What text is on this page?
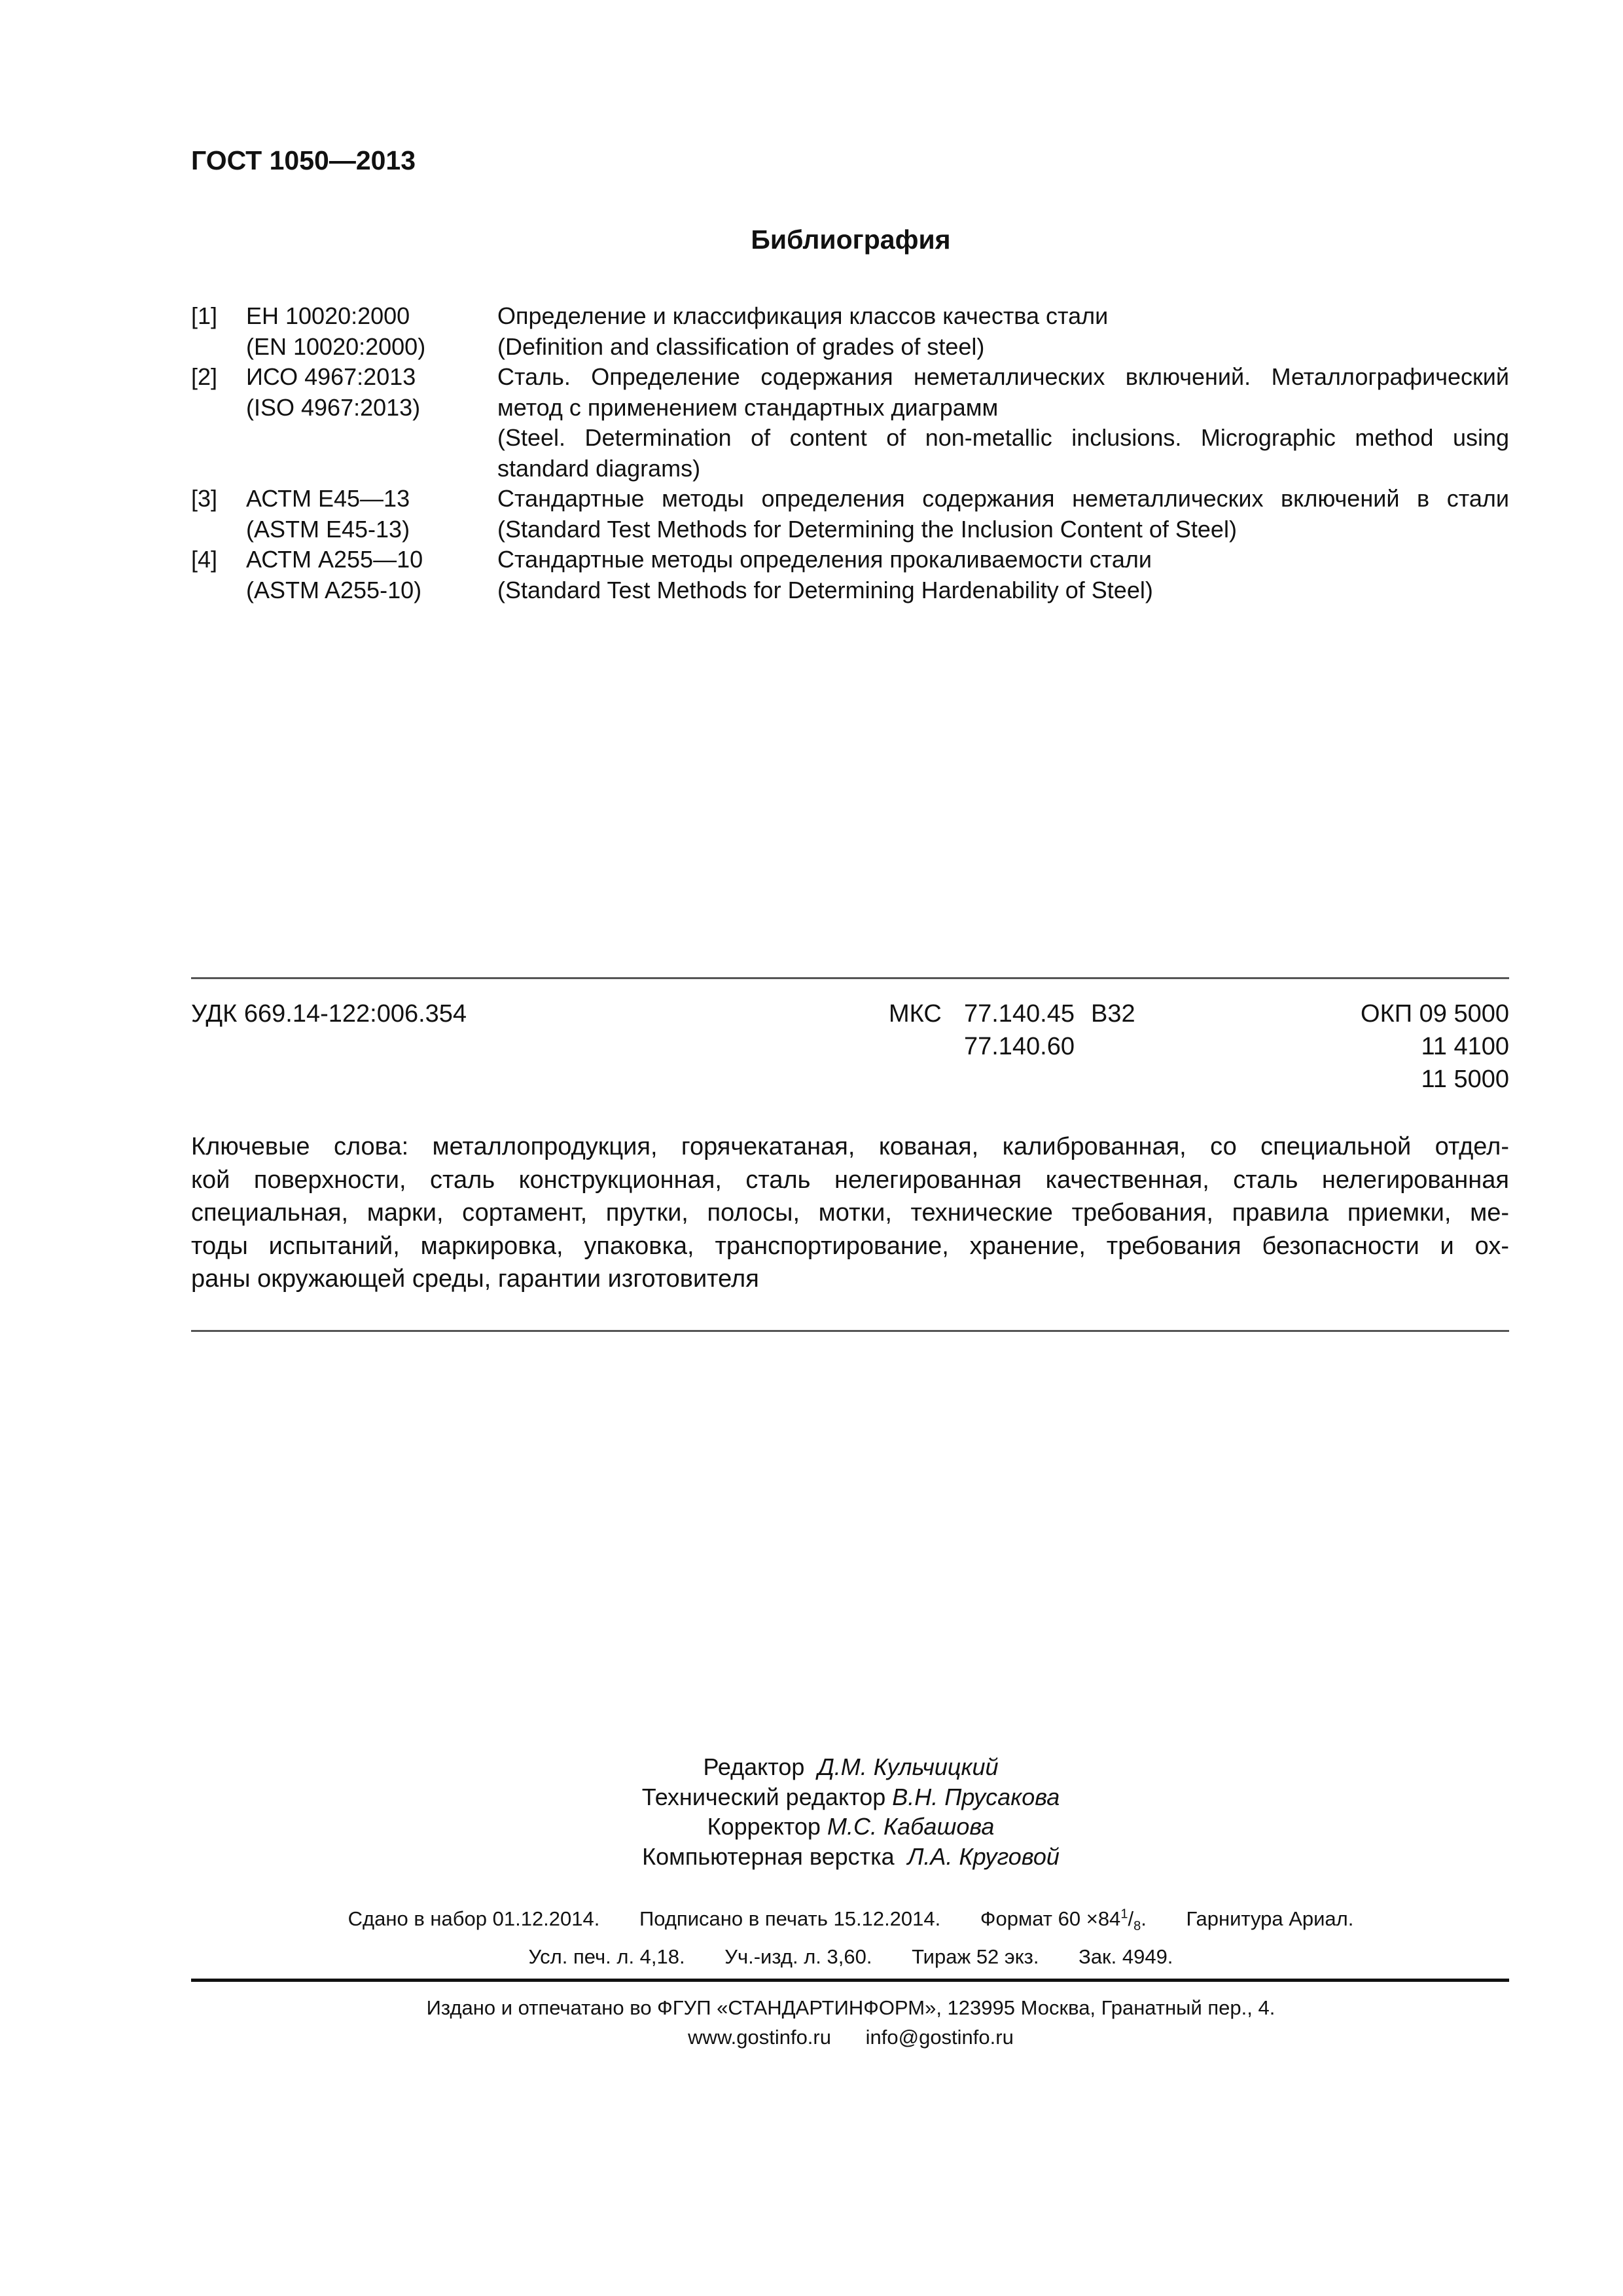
ГОСТ 1050—2013
Библиография
[1] ЕН 10020:2000
(EN 10020:2000)
Определение и классификация классов качества стали
(Definition and classification of grades of steel)
[2] ИСО 4967:2013
(ISO 4967:2013)
Сталь. Определение содержания неметаллических включений. Металлографический
метод с применением стандартных диаграмм
(Steel. Determination of content of non-metallic inclusions. Micrographic method using
standard diagrams)
[3] АСТМ Е45—13
(ASTM E45-13)
Стандартные методы определения содержания неметаллических включений в стали
(Standard Test Methods for Determining the Inclusion Content of Steel)
[4] АСТМ А255—10
(ASTM A255-10)
Стандартные методы определения прокаливаемости стали
(Standard Test Methods for Determining Hardenability of Steel)
УДК 669.14-122:006.354	МКС 77.140.45
77.140.60
В32	ОКП 09 5000
11 4100
11 5000
Ключевые слова: металлопродукция, горячекатаная, кованая, калиброванная, со специальной отдел-
кой поверхности, сталь конструкционная, сталь нелегированная качественная, сталь нелегированная
специальная, марки, сортамент, прутки, полосы, мотки, технические требования, правила приемки, ме-
тоды испытаний, маркировка, упаковка, транспортирование, хранение, требования безопасности и ох-
раны окружающей среды, гарантии изготовителя
Редактор Д.М. Кульчицкий
Технический редактор В.Н. Прусакова
Корректор М.С. Кабашова
Компьютерная верстка Л.А. Круговой
Сдано в набор 01.12.2014. Подписано в печать 15.12.2014. Формат $60 \times 84^1/_8$. Гарнитура Ариал.
Усл. печ. л. 4,18. Уч.-изд. л. 3,60. Тираж 52 экз. Зак. 4949.
Издано и отпечатано во ФГУП «СТАНДАРТИНФОРМ», 123995 Москва, Гранатный пер., 4.
www.gostinfo.ru info@gostinfo.ru
